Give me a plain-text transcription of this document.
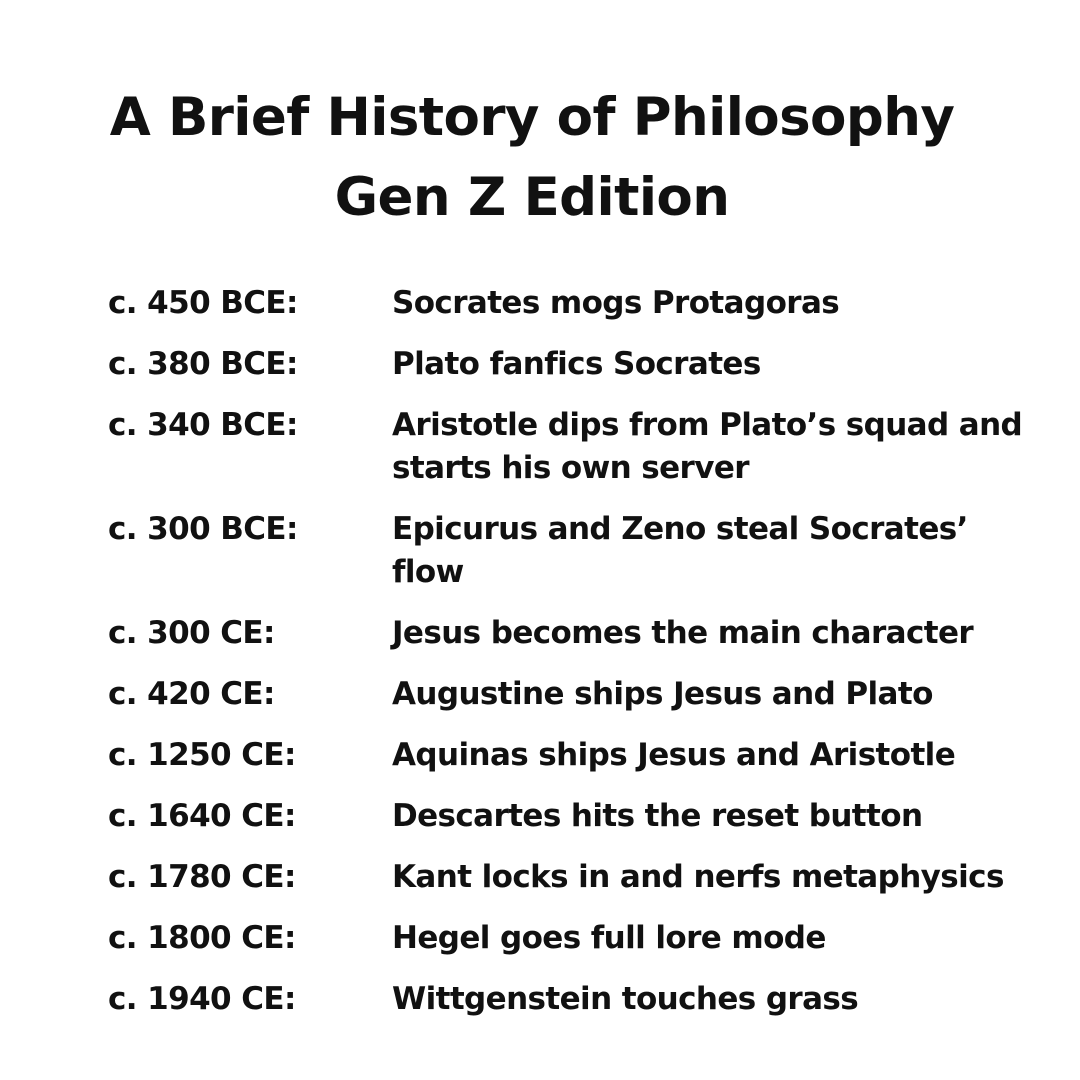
A Brief History of Philosophy
Gen Z Edition
c. 450 BCE:	Socrates mogs Protagoras
c. 380 BCE:	Plato fanfics Socrates
c. 340 BCE:	Aristotle dips from Plato’s squad and starts his own server
c. 300 BCE:	Epicurus and Zeno steal Socrates’ flow
c. 300 CE:	Jesus becomes the main character
c. 420 CE:	Augustine ships Jesus and Plato
c. 1250 CE:	Aquinas ships Jesus and Aristotle
c. 1640 CE:	Descartes hits the reset button
c. 1780 CE:	Kant locks in and nerfs metaphysics
c. 1800 CE:	Hegel goes full lore mode
c. 1940 CE:	Wittgenstein touches grass
